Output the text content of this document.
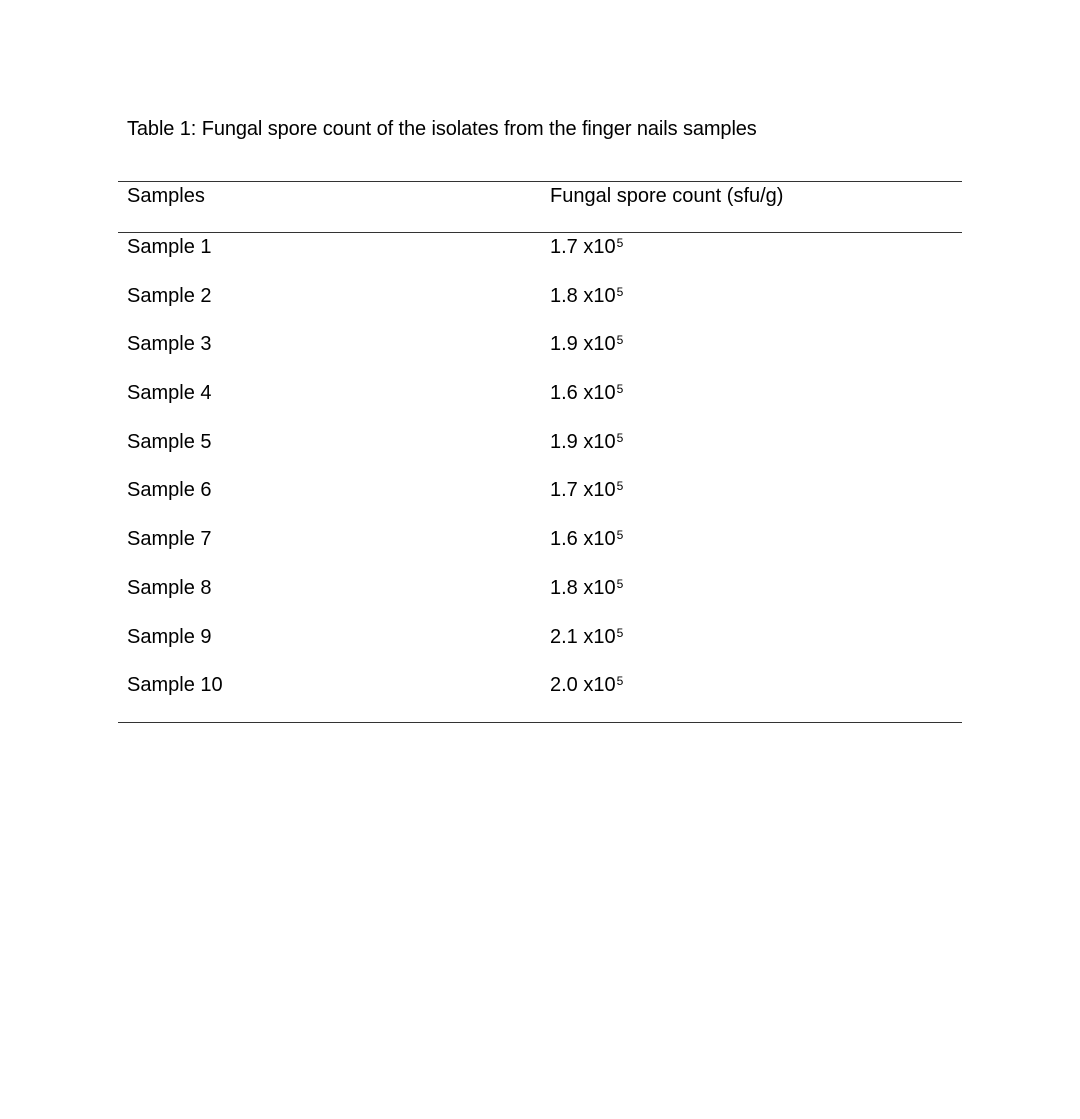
Table 1: Fungal spore count of the isolates from the finger nails samples
Samples	Fungal spore count (sfu/g)
Sample 1	1.7 $x10^5$
Sample 2	1.8 $x10^5$
Sample 3	1.9 $x10^5$
Sample 4	1.6 $x10^5$
Sample 5	1.9 $x10^5$
Sample 6	1.7 $x10^5$
Sample 7	1.6 $x10^5$
Sample 8	1.8 $x10^5$
Sample 9	2.1 $x10^5$
Sample 10	2.0 $x10^5$
